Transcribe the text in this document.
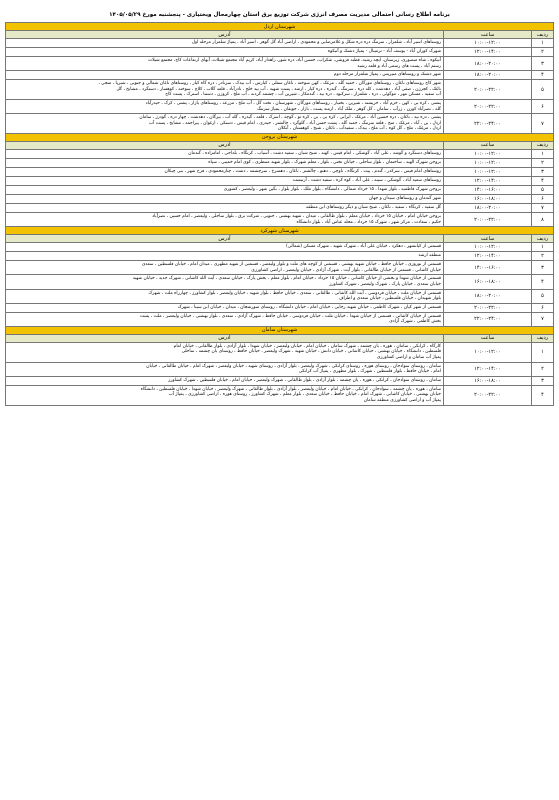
برنامه اطلاع رسانی احتمالی مدیریت مصرف انرژی شرکت توزیع برق استان چهارمحال وبختیاری - پنجشنبه مورخ ۱۴۰۵/۰۵/۲۹
شهرستان اردل		
ردیف	ساعت	آدرس
۱	۱۰:۰۰-۱۲:۰۰	روستاهای اسیر آباد ، شلمزار ، سرتنگ دره دره شکل و غلامرضایی و محمودی ، اراضی آباد گل گوهر ، اسیر آباد ، پمپاژ شلمزار مرحله اول

۲	۱۲:۰۰-۱۴:۰۰	شهرک کوران آباد - یوسف آباد - ترمینال - پمپاژ دشتک و آتیکوه

۳	۱۸:۰۰-۲۰:۰۰	آتیکوه ، شاه منصوری، زیرستان، ایچه رشید، قطبه فروشی، شکراب، حسین آباد، دره شور، راهدار آباد، کریم آباد مجتمع شیلات، آبهای ارتفاعات کاج، مجتمع شیلات
رستم آباد ، پست های رسمی آباد و قلعه رشید

۴	۱۸:۰۰-۲۰:۰۰	شهر دشتک و روستاهای منیریس ، پمپاژ شلمزار مرحله دوم

۵	۲۰:۰۰-۲۲:۰۰	شهر کاج روستاهای ناغان ، روستاهای مورگان ، جمبه گله ، مرغک ، کهن سوخته ، ناغان سفلی ، کیارس ، آب بیدک ، سرنادر ، دره گاه کیار ، روستاهای ناغان شمالی و جنوبی ، شیرپا ، منجی ،
ناغک ، کجرزن ، صفی آباد ، دهدشت ، کله دره ، سرتنگ ، گیدره ، دره کیار ، ارمند ، پست شهید ، آب بید خلج ، نادرآباد ، قلعه گلاب ، کلاچ ، سوخته ، کوهسار ، دستگرد ، مشایخ ، گل
آب سفید ، مسکن مهر ، موگوئی ، دره ، شلمزار ، سرکبود ، دره بید ، گندمکار ، شیرین آب ، چشمه گردنه ، آب ملخ ، کروزن ، دستنا ، استرک ، پست کاج

۶	۲۰:۰۰-۲۲:۰۰	پشتی ، کره بی ، کهن ، خرم آباد ، خرپشته ، شیرین ، بختیار ، روستاهای مورگان ، شهرستان ، تخت گل ، آب ملخ ، مزرعه ، روستاهای بازار ، پشتی ، کرک ، حیدرآباد
گله ، نصرآباد کورن ، زرآب ، سامان ، گل گوهر ، ملک آباد ، ارمند پست ، بازار ، جونقان ، پمپاژ سرتنگ

۷	۲۲:۰۰-۲۴:۰۰	پشتی ، دره بید ، ناغان ، دره حسین آباد ، مرغک ، ایرانی ، کره بی ، بن ، کره تو ، گوچه ، اسرک ، قلعه ، گیدره ، گله آب ، بیرگان ، دهدشت ، چهار دره ، گودرز ، سامان
اردل ، بن ، آباد ، مرغک ، منج ، قلعه سرتنگ ، جمبه گله ، پست حسن آباد ، گلوگرد ، چالشتر ، حیدری ، امام قیس ، دستکی ، ارغوان ، پیراحمد ، مشایخ ، پست آب
اردل ، مرغک ، ملخ ، گل کوه ، آب ملخ ، بیدک ، سفیدآب ، ناغان ، شیخ ، کوهستان ، آبکلان

شهرستان بروجن		
ردیف	ساعت	آدرس
۱	۱۰:۰۰-۱۲:۰۰	روستاهای دستگرد و گوشه ، علی آباد ، گوشکی ، امام قیس ، کهنه ، شیخ شبان ، سفید دشت ، آسیاب ، کرتگاه ، بلداجی ، امامزاده ، گندمان

۲	۱۰:۰۰-۱۲:۰۰	بروجن شهرک الهیه ، ساختمان ، بلوار ساحلی ، خیابان تختی ، بلوار ، معلم شهرک ، بلوار شهید منتظری ، کوی امام خمینی ، سپاه

۳	۱۰:۰۰-۱۲:۰۰	روستاهای امام قیس ، سرکدر ، گندم ، پیت ، کرتگاه ، ناوچی ، دهنو ، چالشتر ، ناغان ، دهسرخ ، سرچشمه ، دشت ، چنارمحمودی ، فرخ شهر ، بنی چیکان

۴	۱۲:۰۰-۱۴:۰۰	روستاهای سعید آباد ، گوشکی ، سینه ، علی آباد ، کوه کره ، سفید دشت ، آرتیست

۵	۱۴:۰۰-۱۶:۰۰	بروجن شهرک فاطمیه ، بلوار شهدا ، ۱۵ خرداد شمالی ، دانشگاه ، بلوار ملک ، بلوار بلوار ، نگین شهر ، ولیعصر ، کشوری

۶	۱۶:۰۰-۱۸:۰۰	شهر گندمان و روستاهای سیدان و جهان

۷	۱۸:۰۰-۲۰:۰۰	گل سفید ، کرتگاه ، سفید ، ناغان ، شیخ شبان و دیگر روستاهای این منطقه

۸	۲۰:۰۰-۲۲:۰۰	بروجن خیابان امام ، خیابان ۱۵ خرداد ، خیابان معلم ، بلوار طالقانی ، میدان ، شهید بهشتی ، جنوبی ، شرکت برق ، بلوار ساحلی ، ولیعصر ، امام حسین ، نصرآباد
حکیم ، سعادت ، مرکز شهر ، شهرک ۱۵ خرداد ، محله عباس آباد ، بلوار دانشگاه

شهرستان شهرکرد		
ردیف	ساعت	آدرس
۱	۱۰:۰۰-۱۲:۰۰	قسمتی از کیانشهر ، دهکرد ، خیابان علی آباد ، شهرک شهید ، شهرک مسکن (شمالی)

۲	۱۲:۰۰-۱۴:۰۰	منطقه ارشد

۳	۱۴:۰۰-۱۶:۰۰	قسمتی از نوروزی ، خیابان حافظ ، خیابان شهید بهشتی ، قسمتی از کوچه های ملت و بلوار ولیعصر ، قسمتی از شهید مطهری ، میدان امام ، خیابان فلسطین ، سعدی
خیابان کاشانی ، قسمتی از خیابان طالقانی ، بلوار آیت ، شهرک آزادی ، خیابان ولیعصر ، اراضی کشاورزی

۴	۱۶:۰۰-۱۸:۰۰	قسمتی از خیابان شهدا و بخشی از خیابان کاشانی ، خیابان ۱۵ خرداد ، خیابان امام ، بلوار معلم ، بخش پارک ، خیابان سعدی ، آیت الله کاشانی ، شهرک جدید ، خیابان شهید
خیابان سعدی ، خیابان پارک ، شهرک ولیعصر ، شهرک کشاورز

۵	۱۸:۰۰-۲۰:۰۰	قسمتی از خیابان ملت ، خیابان فردوسی ، آیت الله کاشانی ، طالقانی ، سعدی ، خیابان حافظ ، بلوار شهید ، خیابان ولیعصر ، بلوار کشاورز ، چهارراه ملت ، شهرک
بلوار شهیدان ، خیابان فلسطین ، خیابان سعدی و اطراف

۶	۲۰:۰۰-۲۲:۰۰	قسمتی از شهر کیان ، شهرک کاظمی ، خیابان شهید رجایی ، خیابان امام ، خیابان دانشگاه ، روستای سورشجان ، میدان ، خیابان ابن سینا ، شهرک

۷	۲۲:۰۰-۲۴:۰۰	قسمتی از خیابان کاشانی ، قسمتی از خیابان شهدا ، خیابان ملت ، خیابان فردوسی ، خیابان حافظ ، شهرک آزادی ، سعدی ، بلوار بهشتی ، خیابان ولیعصر ، ملت ، پست
بخش کاظمی ، شهرک آزادی

شهرستان سامان		
ردیف	ساعت	آدرس
۱	۱۰:۰۰-۱۲:۰۰	کارگاه ، کرانکی ، سامان ، هوره ، یان چشمه ، شهرک سامان ، خیابان امام ، خیابان ولیعصر ، خیابان شهدا ، بلوار آزادی ، بلوار طالقانی ، خیابان امام
فلسطین ، دانشگاه ، خیابان بهشتی ، خیابان کاشانی ، خیابان دانش ، خیابان شهید ، شهرک ولیعصر ، خیابان حافظ ، روستای یان چشمه ، ساحلی
پمپاژ آب سامان و اراضی کشاورزی

۲	۱۲:۰۰-۱۴:۰۰	سامان ، روستای سوادجان ، روستای هوره ، روستای کرانکی ، شهرک ولیعصر ، بلوار آزادی ، روستای شهید ، خیابان ولیعصر ، شهرک امام ، خیابان طالقانی ، خیابان
امام ، خیابان حافظ ، بلوار فلسطین ، شهرک ، بلوار مطهری ، پمپاژ آب کرانکی

۳	۱۶:۰۰-۱۸:۰۰	سامان ، روستای سوادجان ، کرانکی ، هوره ، یان چشمه ، بلوار آزادی ، بلوار طالقانی ، شهرک ولیعصر ، خیابان امام ، خیابان فلسطین ، شهرک کشاورز

۴	۲۰:۰۰-۲۲:۰۰	سامان ، هوره ، یان چشمه ، سوادجان ، کرانکی ، خیابان امام ، خیابان ولیعصر ، بلوار آزادی ، بلوار طالقانی ، شهرک ولیعصر ، خیابان شهدا ، خیابان فلسطین ، دانشگاه
خیابان بهشتی ، خیابان کاشانی ، شهرک امام ، خیابان حافظ ، خیابان سعدی ، بلوار معلم ، شهرک کشاورز ، روستای هوره ، اراضی کشاورزی ، پمپاژ آب
پمپاژ آب و اراضی کشاورزی منطقه سامان
